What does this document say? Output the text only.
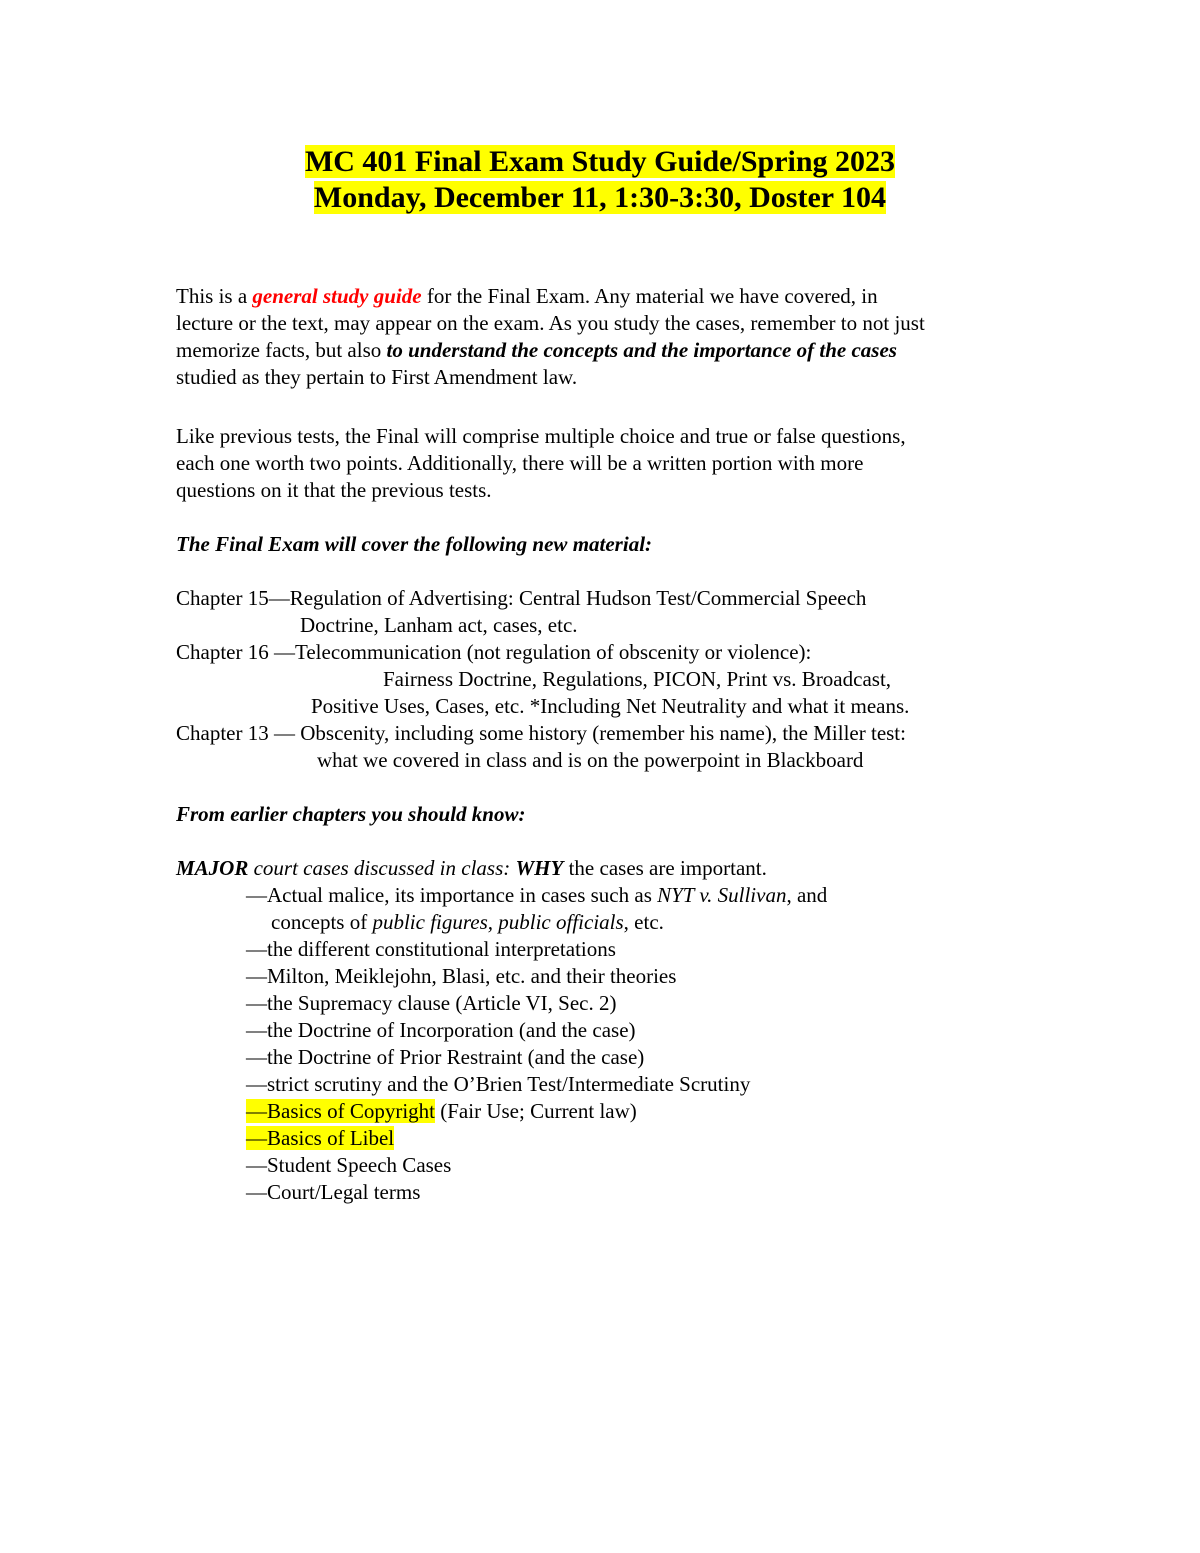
MC 401 Final Exam Study Guide/Spring 2023
Monday, December 11, 1:30-3:30, Doster 104
This is a general study guide for the Final Exam. Any material we have covered, in
lecture or the text, may appear on the exam. As you study the cases, remember to not just
memorize facts, but also to understand the concepts and the importance of the cases
studied as they pertain to First Amendment law.
Like previous tests, the Final will comprise multiple choice and true or false questions,
each one worth two points. Additionally, there will be a written portion with more
questions on it that the previous tests.
The Final Exam will cover the following new material:
Chapter 15—Regulation of Advertising: Central Hudson Test/Commercial Speech
Doctrine, Lanham act, cases, etc.
Chapter 16 —Telecommunication (not regulation of obscenity or violence):
Fairness Doctrine, Regulations, PICON, Print vs. Broadcast,
Positive Uses, Cases, etc. *Including Net Neutrality and what it means.
Chapter 13 — Obscenity, including some history (remember his name), the Miller test:
what we covered in class and is on the powerpoint in Blackboard
From earlier chapters you should know:
MAJOR court cases discussed in class: WHY the cases are important.
—Actual malice, its importance in cases such as NYT v. Sullivan, and
concepts of public figures, public officials, etc.
—the different constitutional interpretations
—Milton, Meiklejohn, Blasi, etc. and their theories
—the Supremacy clause (Article VI, Sec. 2)
—the Doctrine of Incorporation (and the case)
—the Doctrine of Prior Restraint (and the case)
—strict scrutiny and the O’Brien Test/Intermediate Scrutiny
—Basics of Copyright (Fair Use; Current law)
—Basics of Libel
—Student Speech Cases
—Court/Legal terms
